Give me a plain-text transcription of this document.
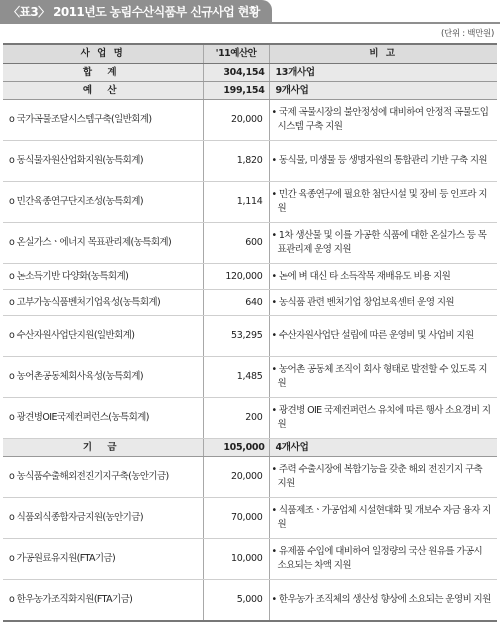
〈표3〉 2011년도 농림수산식품부 신규사업 현황
(단위 : 백만원)
사 업 명	'11예산안	비 고
합 계	304,154	13개사업
예 산	199,154	9개사업
o 국가곡물조달시스템구축(일반회계)	20,000	• 국제 곡물시장의 불안정성에 대비하여 안정적 곡물도입시스템 구축 지원
o 동식물자원산업화지원(농특회계)	1,820	• 동식물, 미생물 등 생명자원의 통합관리 기반 구축 지원
o 민간육종연구단지조성(농특회계)	1,114	• 민간 육종연구에 필요한 첨단시설 및 장비 등 인프라 지원
o 온실가스ㆍ에너지 목표관리제(농특회계)	600	• 1차 생산물 및 이를 가공한 식품에 대한 온실가스 등 목표관리제 운영 지원
o 논소득기반 다양화(농특회계)	120,000	• 논에 벼 대신 타 소득작목 재배유도 비용 지원
o 고부가농식품벤처기업육성(농특회계)	640	• 농식품 관련 벤처기업 창업보육센터 운영 지원
o 수산자원사업단지원(일반회계)	53,295	• 수산자원사업단 설립에 따른 운영비 및 사업비 지원
o 농어촌공동체회사육성(농특회계)	1,485	• 농어촌 공동체 조직이 회사 형태로 발전할 수 있도록 지원
o 광견병OIE국제컨퍼런스(농특회계)	200	• 광견병 OIE 국제컨퍼런스 유치에 따른 행사 소요경비 지원
기 금	105,000	4개사업
o 농식품수출해외전진기지구축(농안기금)	20,000	• 주력 수출시장에 복합기능을 갖춘 해외 전진기지 구축 지원
o 식품외식종합자금지원(농안기금)	70,000	• 식품제조ㆍ가공업체 시설현대화 및 개보수 자금 융자 지원
o 가공원료유지원(FTA기금)	10,000	• 유제품 수입에 대비하여 일정량의 국산 원유를 가공시 소요되는 차액 지원
o 한우농가조직화지원(FTA기금)	5,000	• 한우농가 조직체의 생산성 향상에 소요되는 운영비 지원
